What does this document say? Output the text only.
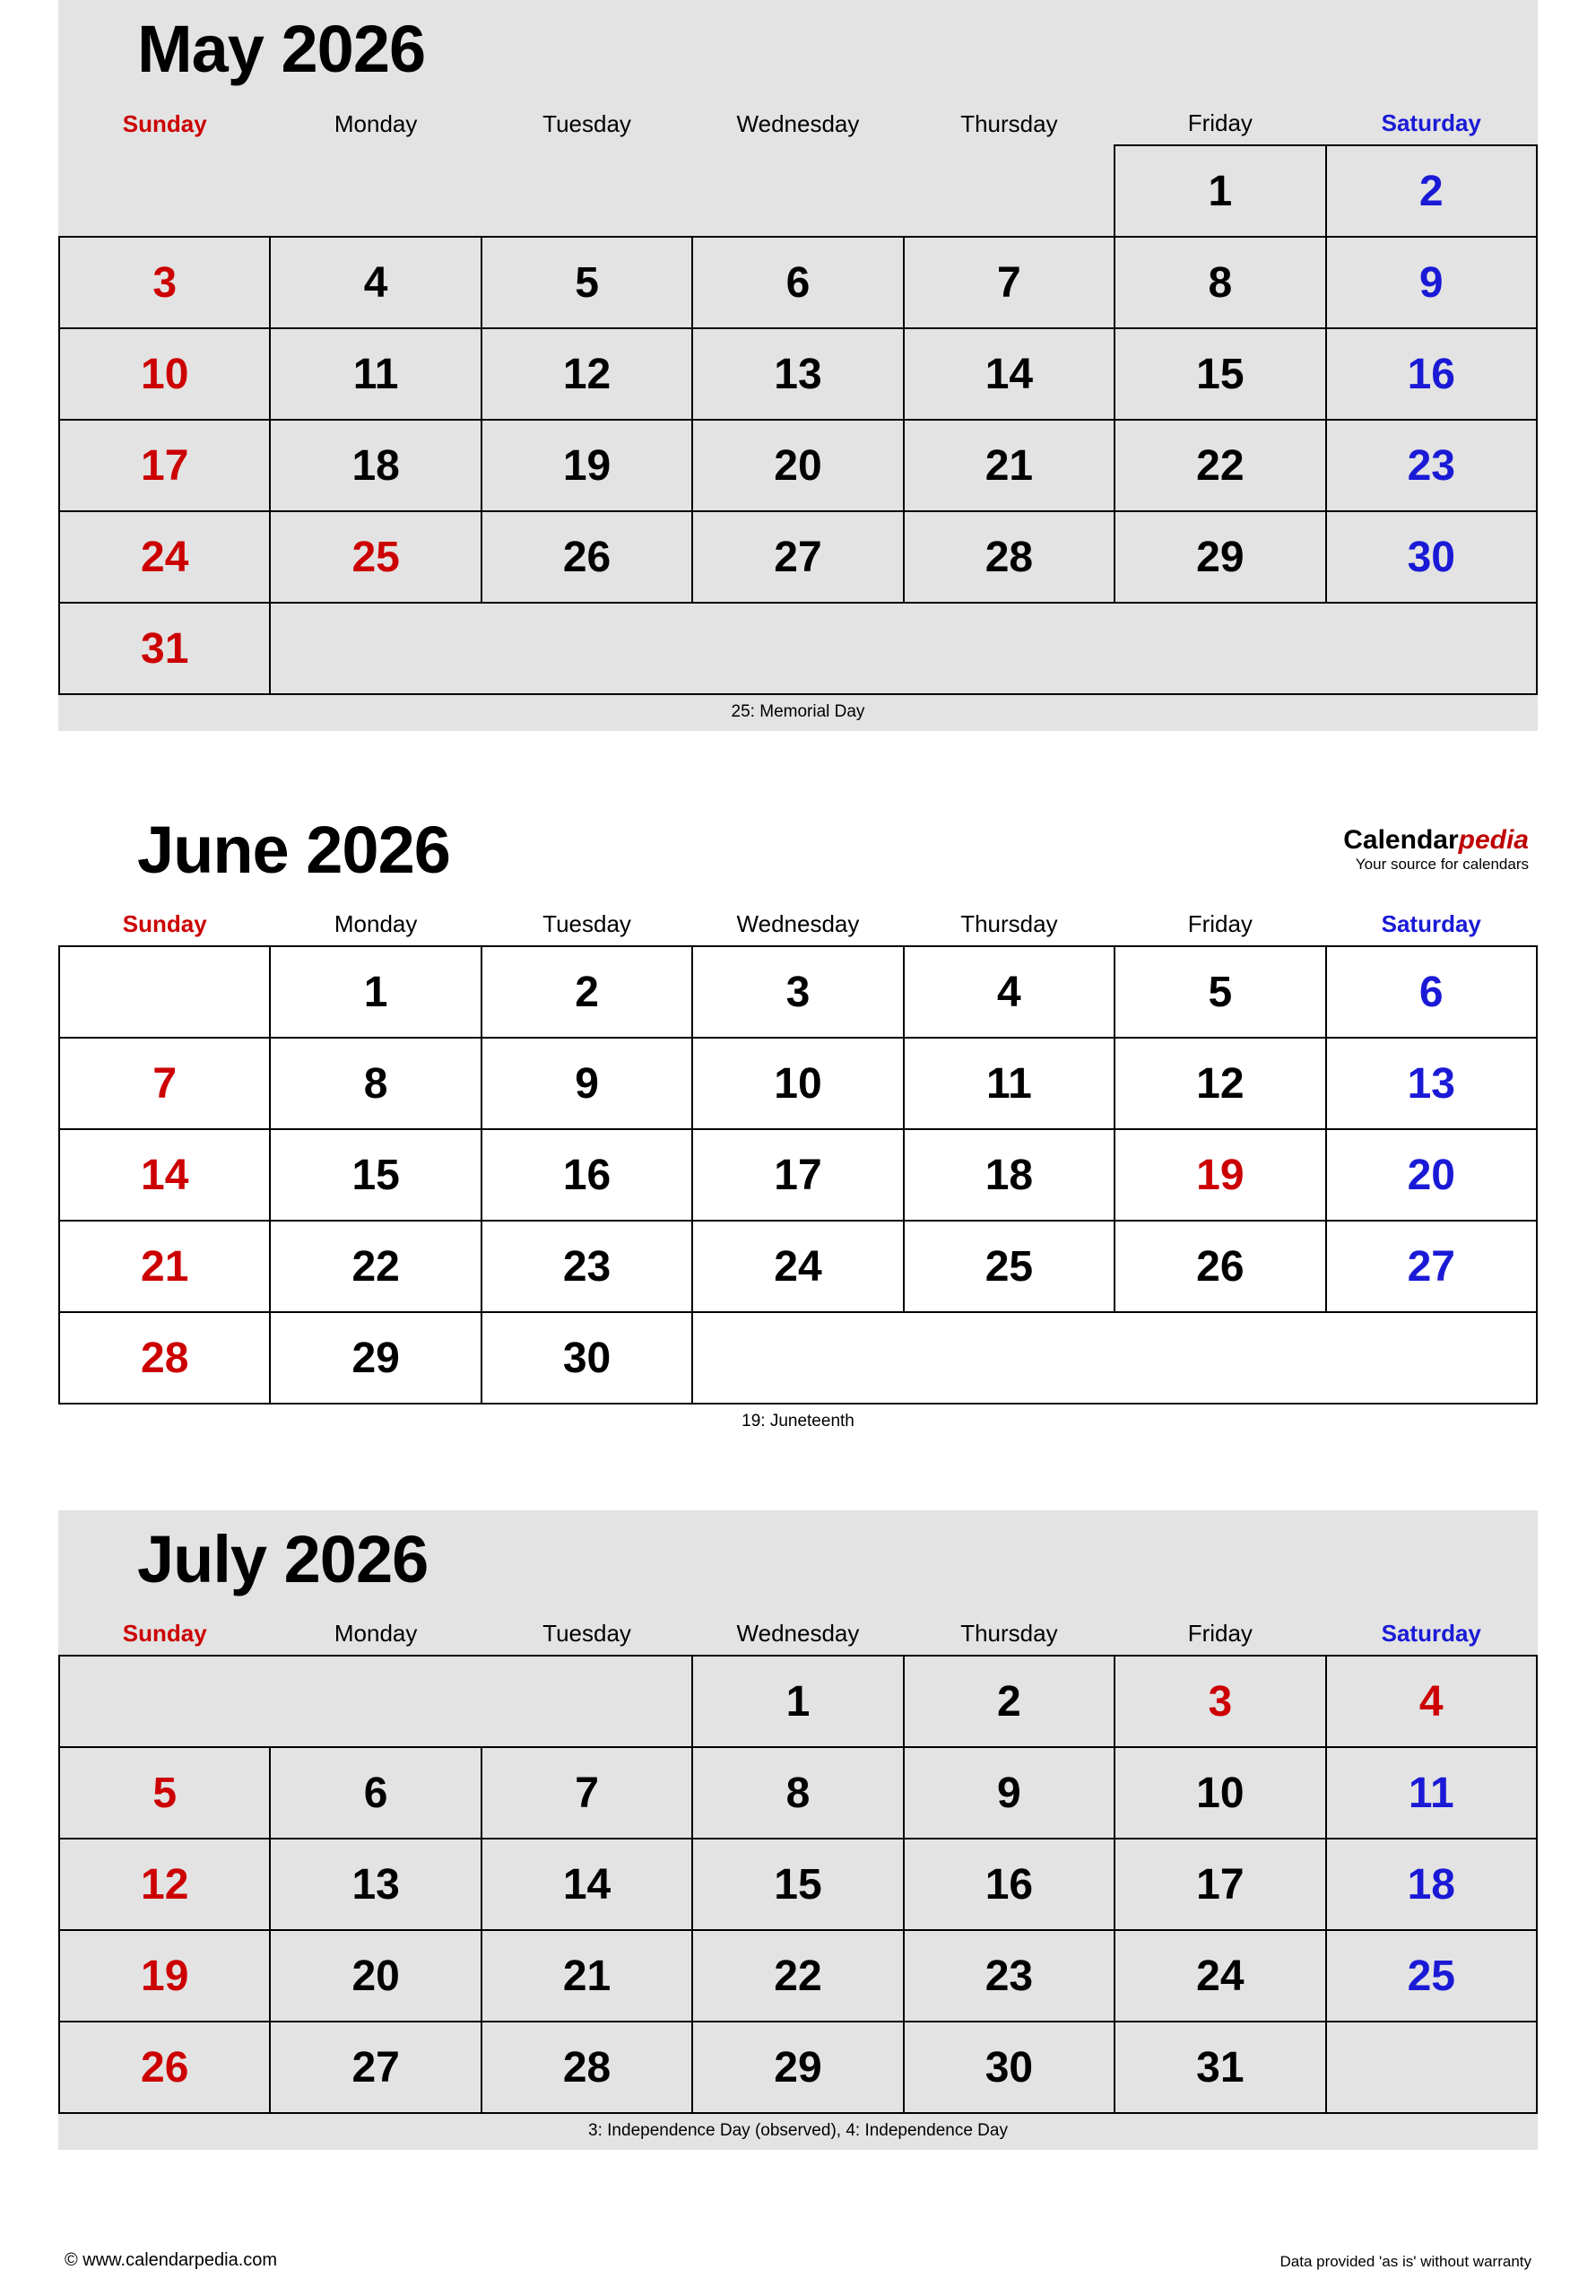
May 2026
Sunday	Monday	Tuesday	Wednesday	Thursday	Friday	Saturday
					1	2
3	4	5	6	7	8	9
10	11	12	13	14	15	16
17	18	19	20	21	22	23
24	25	26	27	28	29	30
31						
25: Memorial Day
June 2026	Calendarpedia
Your source for calendars
Sunday	Monday	Tuesday	Wednesday	Thursday	Friday	Saturday
	1	2	3	4	5	6
7	8	9	10	11	12	13
14	15	16	17	18	19	20
21	22	23	24	25	26	27
28	29	30				
19: Juneteenth
July 2026
Sunday	Monday	Tuesday	Wednesday	Thursday	Friday	Saturday
			1	2	3	4
5	6	7	8	9	10	11
12	13	14	15	16	17	18
19	20	21	22	23	24	25
26	27	28	29	30	31	
3: Independence Day (observed), 4: Independence Day
© www.calendarpedia.com	Data provided 'as is' without warranty
